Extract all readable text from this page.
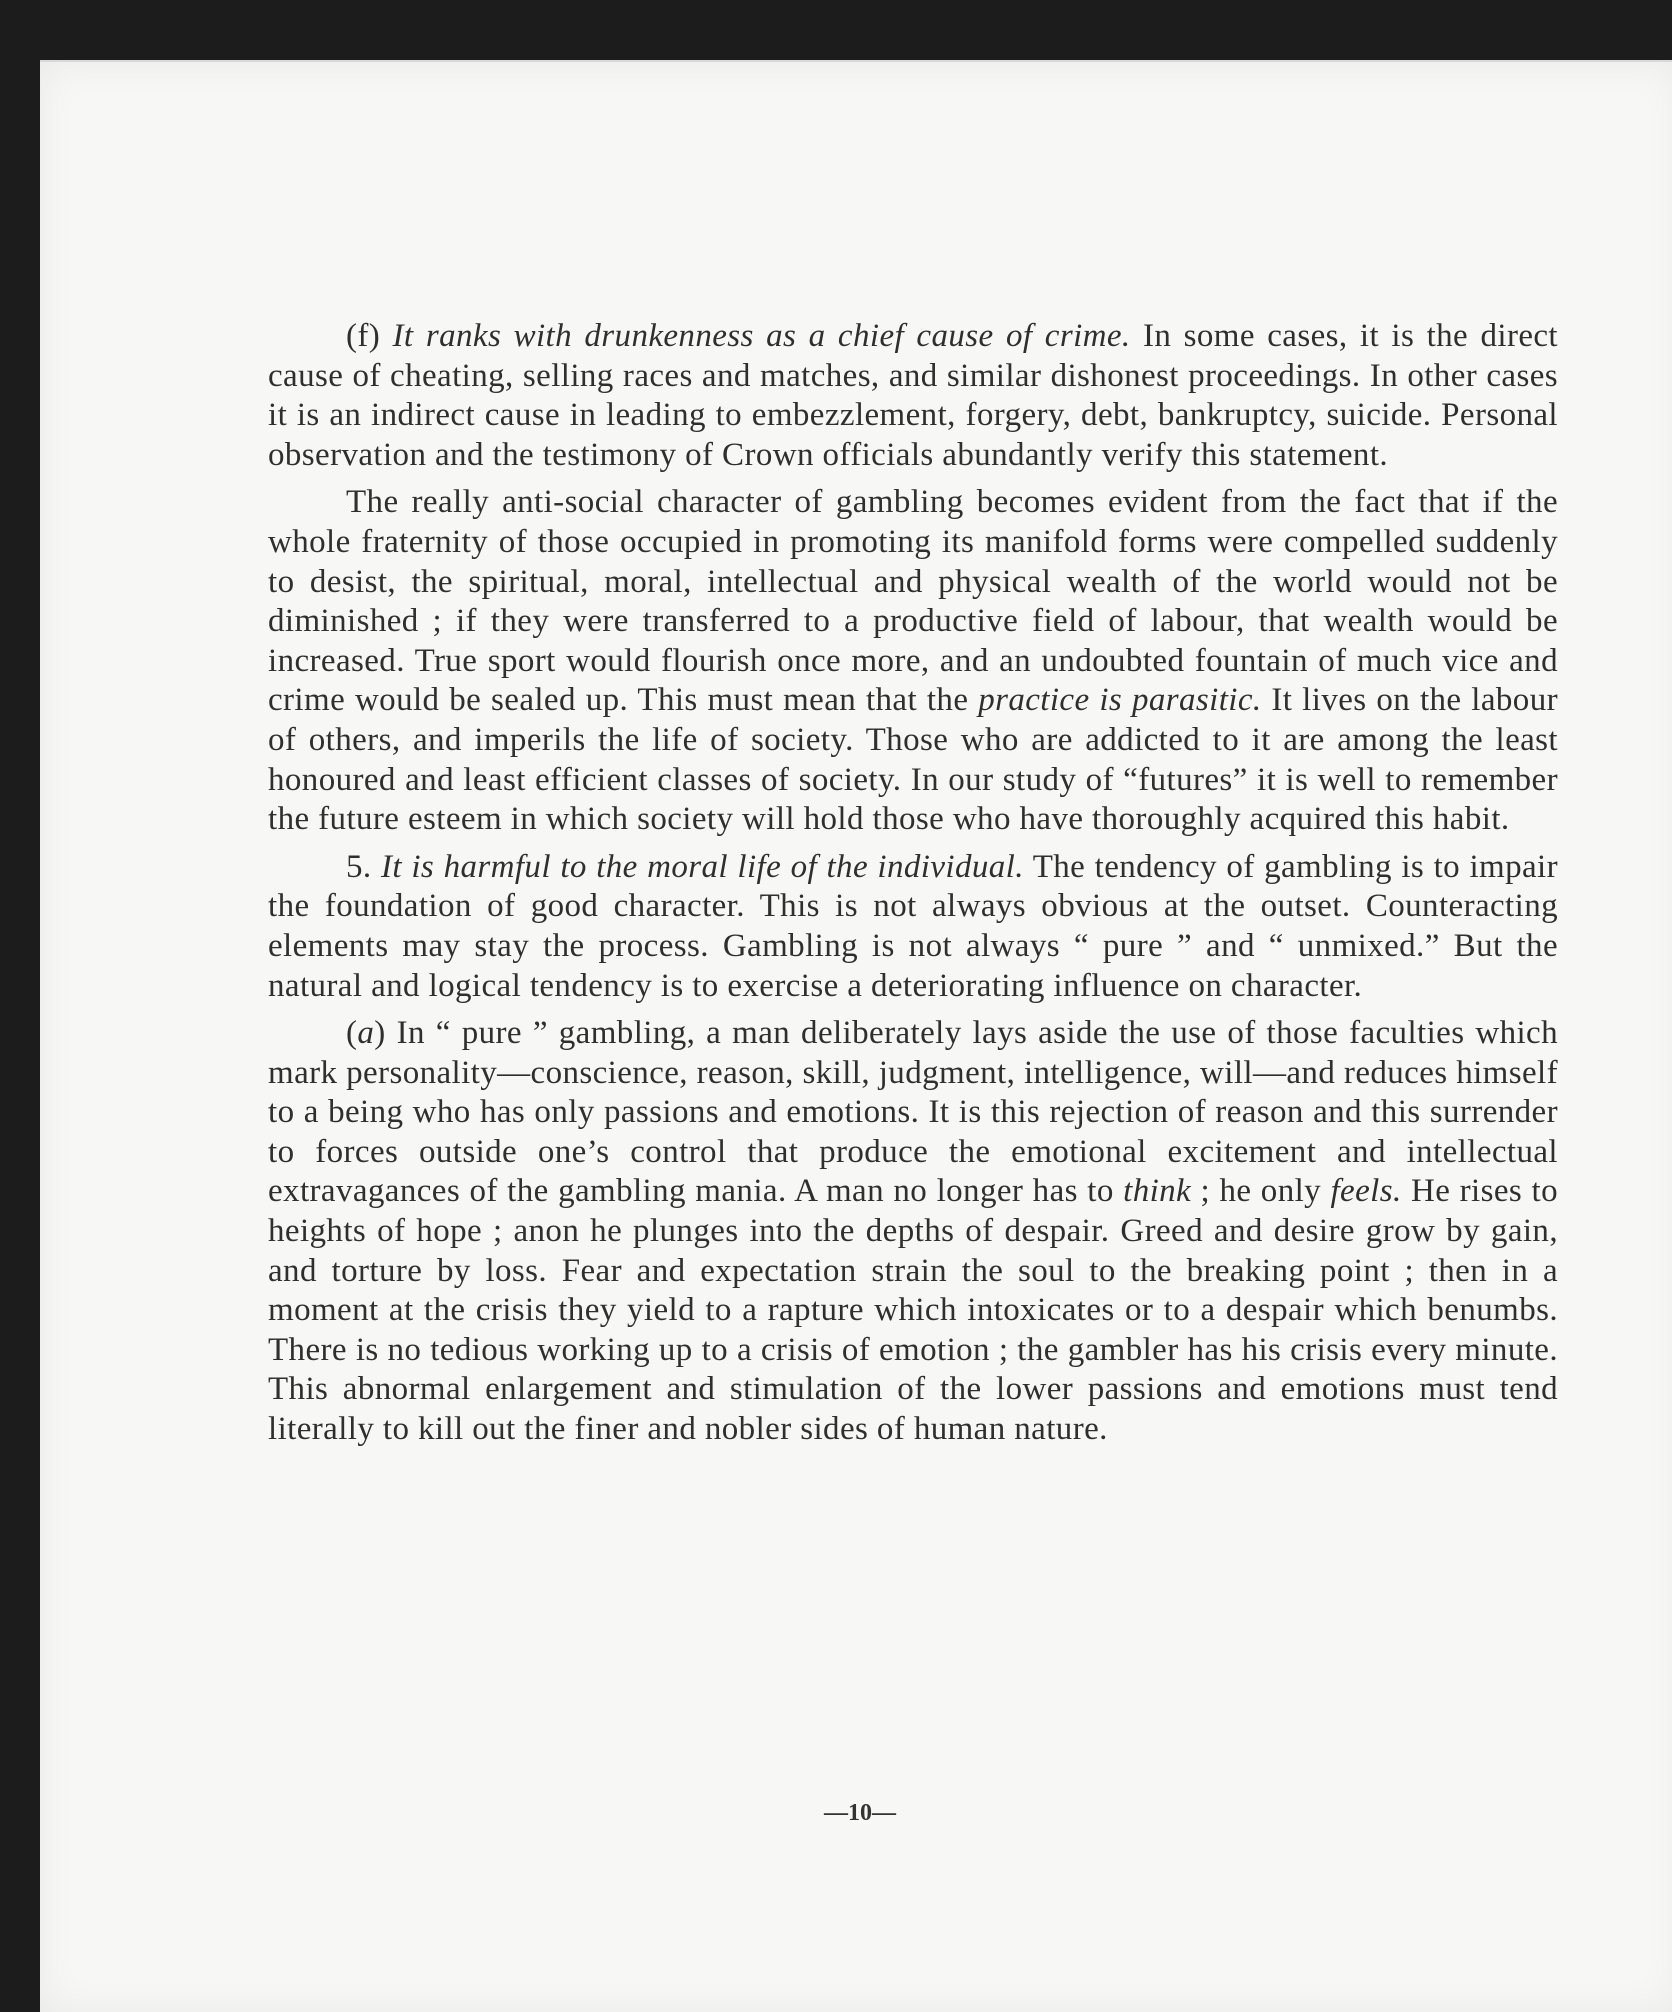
(f) It ranks with drunkenness as a chief cause of crime. In some cases, it is the direct cause of cheating, selling races and matches, and similar dishonest proceedings. In other cases it is an indirect cause in leading to embezzlement, forgery, debt, bankruptcy, suicide. Personal observation and the testimony of Crown officials abundantly verify this statement.

The really anti-social character of gambling becomes evident from the fact that if the whole fraternity of those occupied in promoting its manifold forms were compelled suddenly to desist, the spiritual, moral, intellectual and physical wealth of the world would not be diminished ; if they were transferred to a productive field of labour, that wealth would be increased. True sport would flourish once more, and an undoubted fountain of much vice and crime would be sealed up. This must mean that the practice is parasitic. It lives on the labour of others, and imperils the life of society. Those who are addicted to it are among the least honoured and least efficient classes of society. In our study of “futures” it is well to remember the future esteem in which society will hold those who have thoroughly acquired this habit.

5. It is harmful to the moral life of the individual. The tendency of gambling is to impair the foundation of good character. This is not always obvious at the outset. Counteracting elements may stay the process. Gambling is not always “ pure ” and “ unmixed.” But the natural and logical tendency is to exercise a deteriorating influence on character.

(a) In “ pure ” gambling, a man deliberately lays aside the use of those faculties which mark personality—conscience, reason, skill, judgment, intelligence, will—and reduces himself to a being who has only passions and emotions. It is this rejection of reason and this surrender to forces outside one’s control that produce the emotional excitement and intellectual extravagances of the gambling mania. A man no longer has to think ; he only feels. He rises to heights of hope ; anon he plunges into the depths of despair. Greed and desire grow by gain, and torture by loss. Fear and expectation strain the soul to the breaking point ; then in a moment at the crisis they yield to a rapture which intoxicates or to a despair which benumbs. There is no tedious working up to a crisis of emotion ; the gambler has his crisis every minute. This abnormal enlargement and stimulation of the lower passions and emotions must tend literally to kill out the finer and nobler sides of human nature.

—10—
